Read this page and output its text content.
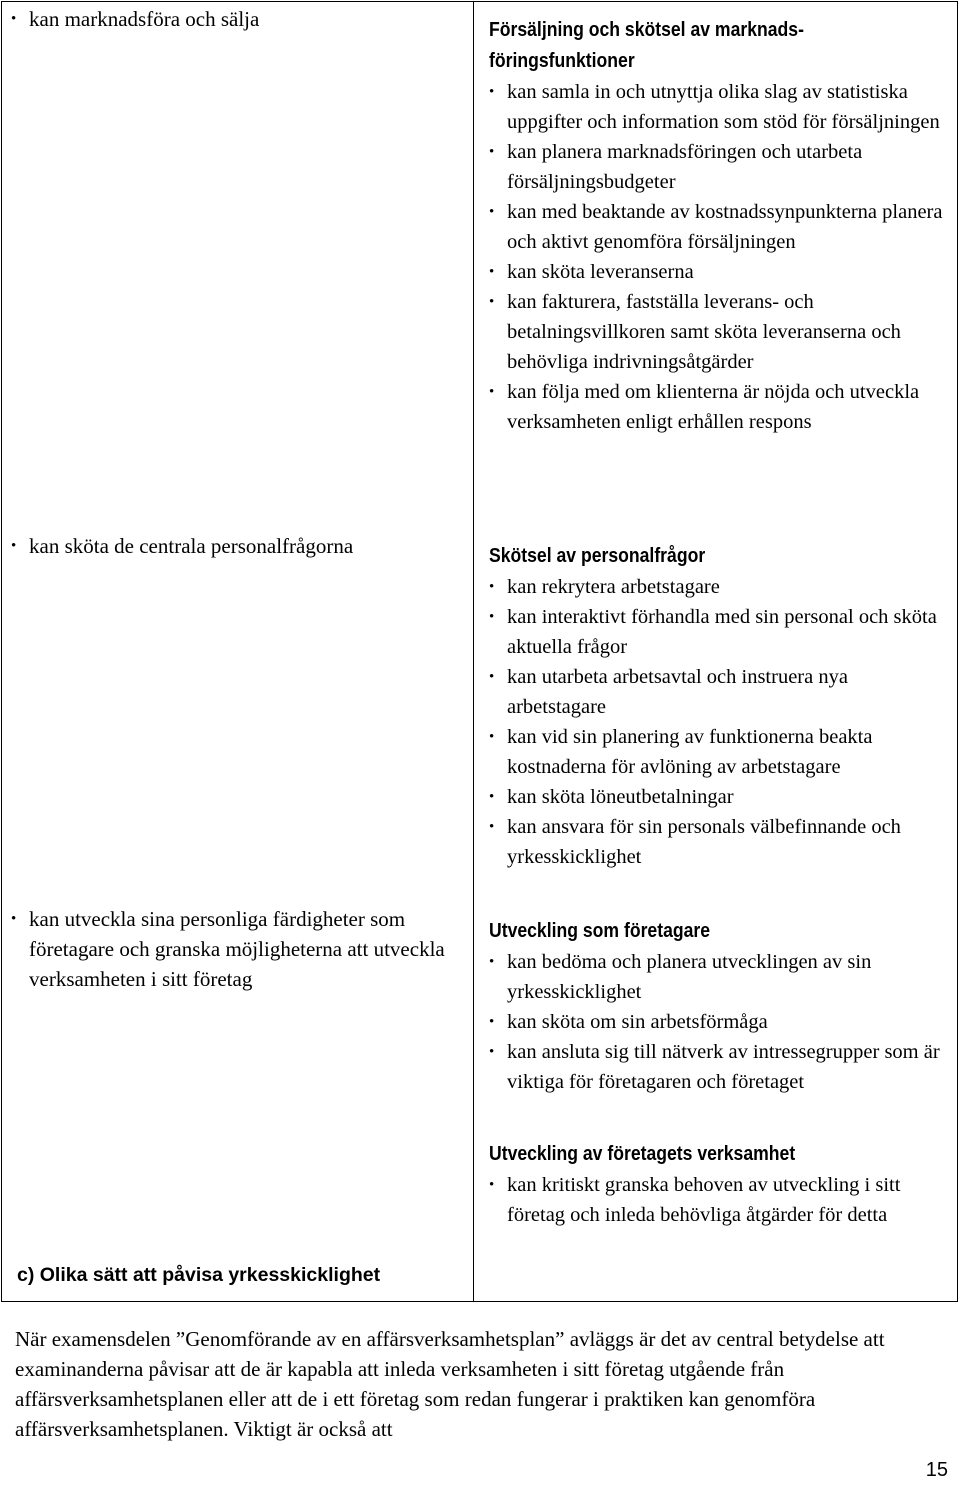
• kan marknadsföra och sälja

• kan sköta de centrala personalfrågorna

• kan utveckla sina personliga färdigheter som företagare och granska möjligheterna att utveckla verksamheten i sitt företag

Försäljning och skötsel av marknads-
föringsfunktioner

• kan samla in och utnyttja olika slag av statistiska uppgifter och information som stöd för försäljningen

• kan planera marknadsföringen och utarbeta försäljningsbudgeter

• kan med beaktande av kostnadssynpunkterna planera och aktivt genomföra försäljningen

• kan sköta leveranserna

• kan fakturera, fastställa leverans- och betalningsvillkoren samt sköta leveranserna och behövliga indrivningsåtgärder

• kan följa med om klienterna är nöjda och utveckla verksamheten enligt erhållen respons

Skötsel av personalfrågor

• kan rekrytera arbetstagare

• kan interaktivt förhandla med sin personal och sköta aktuella frågor

• kan utarbeta arbetsavtal och instruera nya arbetstagare

• kan vid sin planering av funktionerna beakta kostnaderna för avlöning av arbetstagare

• kan sköta löneutbetalningar

• kan ansvara för sin personals välbefinnande och yrkesskicklighet

Utveckling som företagare

• kan bedöma och planera utvecklingen av sin yrkesskicklighet

• kan sköta om sin arbetsförmåga

• kan ansluta sig till nätverk av intressegrupper som är viktiga för företagaren och företaget

Utveckling av företagets verksamhet

• kan kritiskt granska behoven av utveckling i sitt företag och inleda behövliga åtgärder för detta

c) Olika sätt att påvisa yrkesskicklighet

När examensdelen ”Genomförande av en affärsverksamhetsplan” avläggs är det av central betydelse att examinanderna påvisar att de är kapabla att inleda verksamheten i sitt företag utgående från affärsverksamhetsplanen eller att de i ett företag som redan fungerar i praktiken kan genomföra affärsverksamhetsplanen. Viktigt är också att

15
